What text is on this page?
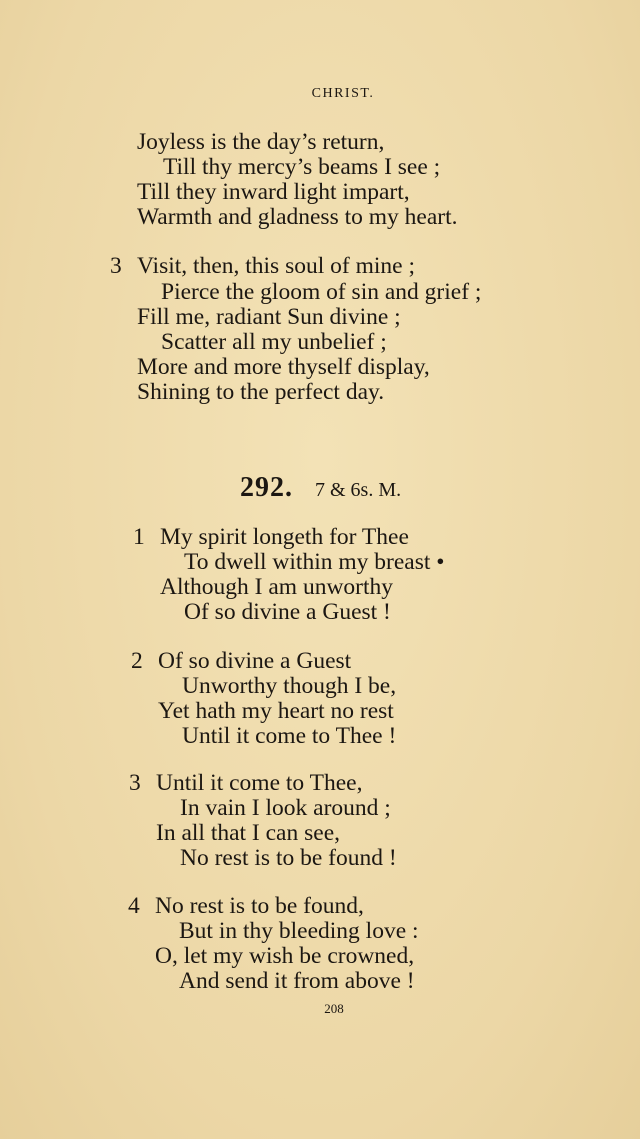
CHRIST.
Joyless is the day’s return,
Till thy mercy’s beams I see ;
Till they inward light impart,
Warmth and gladness to my heart.
3 Visit, then, this soul of mine ;
Pierce the gloom of sin and grief ;
Fill me, radiant Sun divine ;
Scatter all my unbelief ;
More and more thyself display,
Shining to the perfect day.
292. 7 & 6s. M.
1 My spirit longeth for Thee
To dwell within my breast •
Although I am unworthy
Of so divine a Guest !
2 Of so divine a Guest
Unworthy though I be,
Yet hath my heart no rest
Until it come to Thee !
3 Until it come to Thee,
In vain I look around ;
In all that I can see,
No rest is to be found !
4 No rest is to be found,
But in thy bleeding love :
O, let my wish be crowned,
And send it from above !
208
